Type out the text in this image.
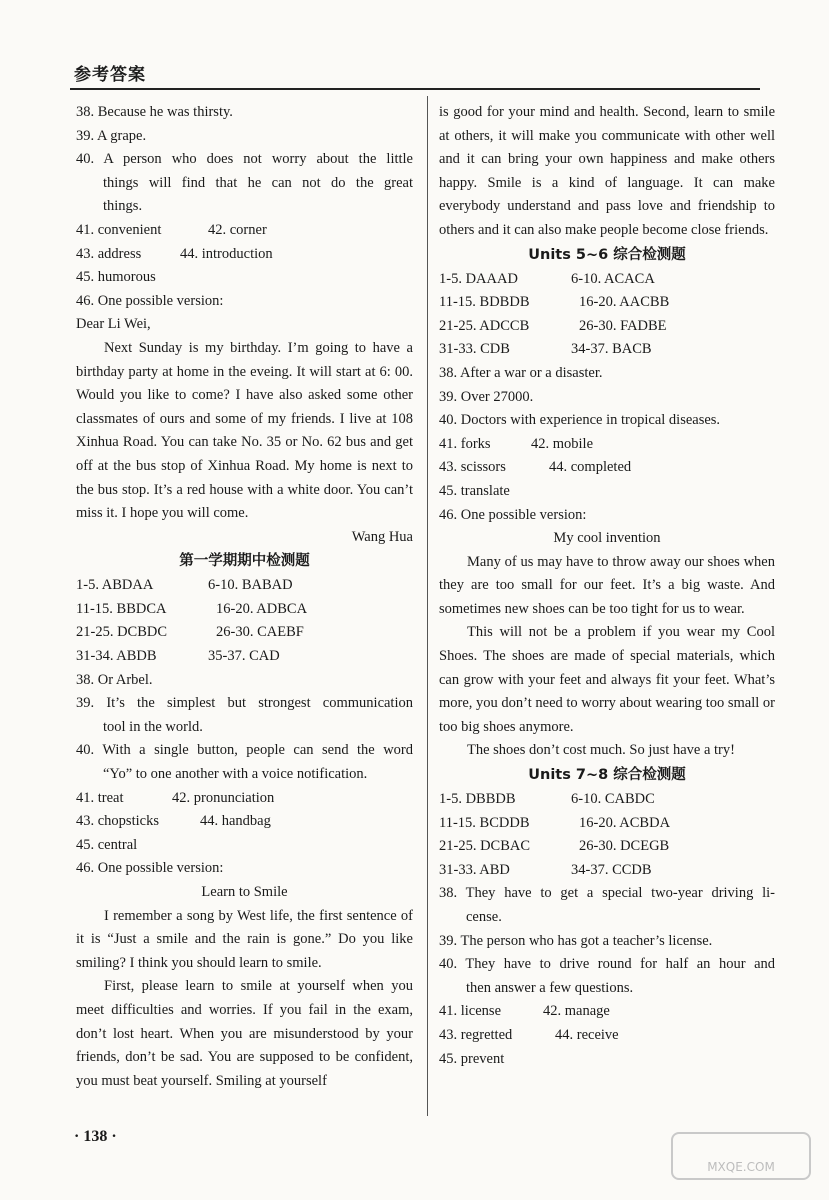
参考答案
38. Because he was thirsty.
39. A grape.
40. A person who does not worry about the little
things will find that he can not do the great
things.
41. convenient	42. corner
43. address	44. introduction
45. humorous
46. One possible version:
Dear Li Wei,
Next Sunday is my birthday. I’m going to have a birthday party at home in the eveing. It will start at 6: 00. Would you like to come? I have also asked some other classmates of ours and some of my friends. I live at 108 Xinhua Road. You can take No. 35 or No. 62 bus and get off at the bus stop of Xinhua Road. My home is next to the bus stop. It’s a red house with a white door. You can’t miss it. I hope you will come.
Wang Hua
第一学期期中检测题
1-5. ABDAA	6-10. BABAD
11-15. BBDCA	16-20. ADBCA
21-25. DCBDC	26-30. CAEBF
31-34. ABDB	35-37. CAD
38. Or Arbel.
39. It’s the simplest but strongest communication
tool in the world.
40. With a single button, people can send the word
“Yo” to one another with a voice notification.
41. treat	42. pronunciation
43. chopsticks	44. handbag
45. central
46. One possible version:
Learn to Smile
I remember a song by West life, the first sentence of it is “Just a smile and the rain is gone.” Do you like smiling? I think you should learn to smile.
First, please learn to smile at yourself when you meet difficulties and worries. If you fail in the exam, don’t lost heart. When you are misunderstood by your friends, don’t be sad. You are supposed to be confident, you must beat yourself. Smiling at yourself
is good for your mind and health. Second, learn to smile at others, it will make you communicate with other well and it can bring your own happiness and make others happy. Smile is a kind of language. It can make everybody understand and pass love and friendship to others and it can also make people become close friends.
Units 5~6 综合检测题
1-5. DAAAD	6-10. ACACA
11-15. BDBDB	16-20. AACBB
21-25. ADCCB	26-30. FADBE
31-33. CDB	34-37. BACB
38. After a war or a disaster.
39. Over 27000.
40. Doctors with experience in tropical diseases.
41. forks	42. mobile
43. scissors	44. completed
45. translate
46. One possible version:
My cool invention
Many of us may have to throw away our shoes when they are too small for our feet. It’s a big waste. And sometimes new shoes can be too tight for us to wear.
This will not be a problem if you wear my Cool Shoes. The shoes are made of special materials, which can grow with your feet and always fit your feet. What’s more, you don’t need to worry about wearing too small or too big shoes anymore.
The shoes don’t cost much. So just have a try!
Units 7~8 综合检测题
1-5. DBBDB	6-10. CABDC
11-15. BCDDB	16-20. ACBDA
21-25. DCBAC	26-30. DCEGB
31-33. ABD	34-37. CCDB
38. They have to get a special two-year driving li-
cense.
39. The person who has got a teacher’s license.
40. They have to drive round for half an hour and
then answer a few questions.
41. license	42. manage
43. regretted	44. receive
45. prevent
· 138 ·
MXQE.COM
